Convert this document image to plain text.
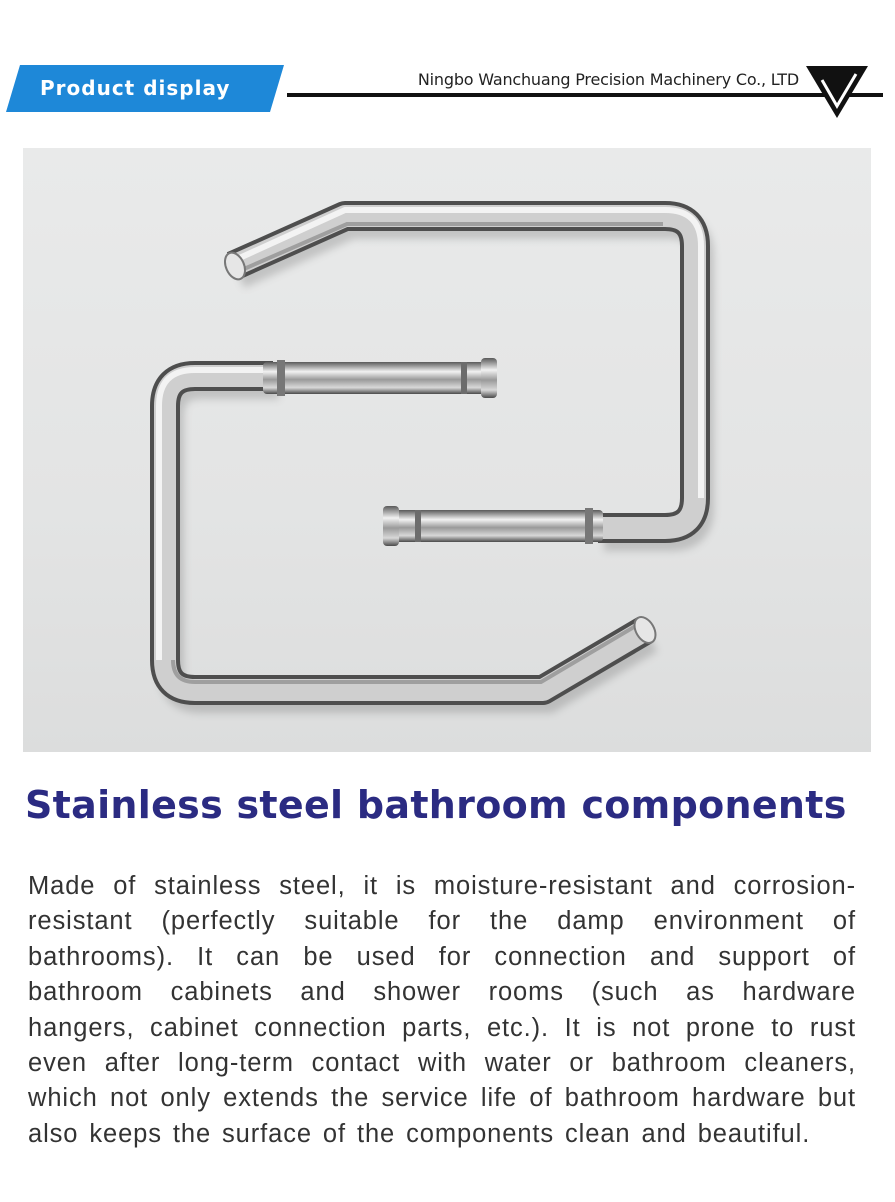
Product display	Ningbo Wanchuang Precision Machinery Co., LTD
Stainless steel bathroom components

Made of stainless steel, it is moisture-resistant and corrosion-resistant (perfectly suitable for the damp environment of bathrooms). It can be used for connection and support of bathroom cabinets and shower rooms (such as hardware hangers, cabinet connection parts, etc.). It is not prone to rust even after long-term contact with water or bathroom cleaners, which not only extends the service life of bathroom hardware but also keeps the surface of the components clean and beautiful.
